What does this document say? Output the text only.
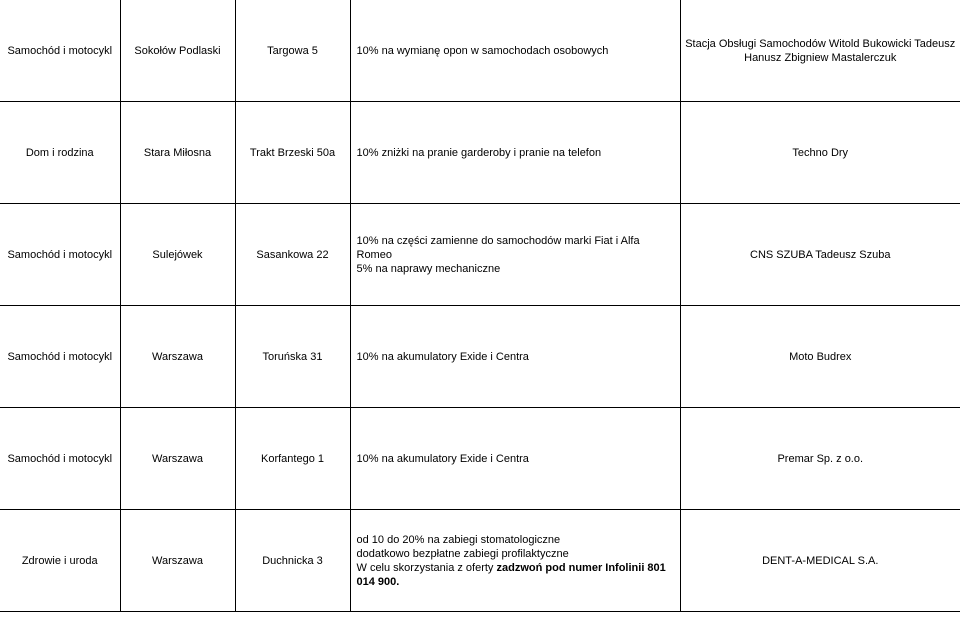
Samochód i motocykl	Sokołów Podlaski	Targowa 5	10% na wymianę opon w samochodach osobowych	Stacja Obsługi Samochodów Witold Bukowicki Tadeusz
Hanusz Zbigniew Mastalerczuk

Dom i rodzina	Stara Miłosna	Trakt Brzeski 50a	10% zniżki na pranie garderoby i pranie na telefon	Techno Dry

Samochód i motocykl	Sulejówek	Sasankowa 22	10% na części zamienne do samochodów marki Fiat i Alfa Romeo
5% na naprawy mechaniczne	CNS SZUBA Tadeusz Szuba

Samochód i motocykl	Warszawa	Toruńska 31	10% na akumulatory Exide i Centra	Moto Budrex

Samochód i motocykl	Warszawa	Korfantego 1	10% na akumulatory Exide i Centra	Premar Sp. z o.o.

Zdrowie i uroda	Warszawa	Duchnicka 3	od 10 do 20% na zabiegi stomatologiczne
dodatkowo bezpłatne zabiegi profilaktyczne
W celu skorzystania z oferty zadzwoń pod numer Infolinii 801 014 900.	DENT-A-MEDICAL S.A.
